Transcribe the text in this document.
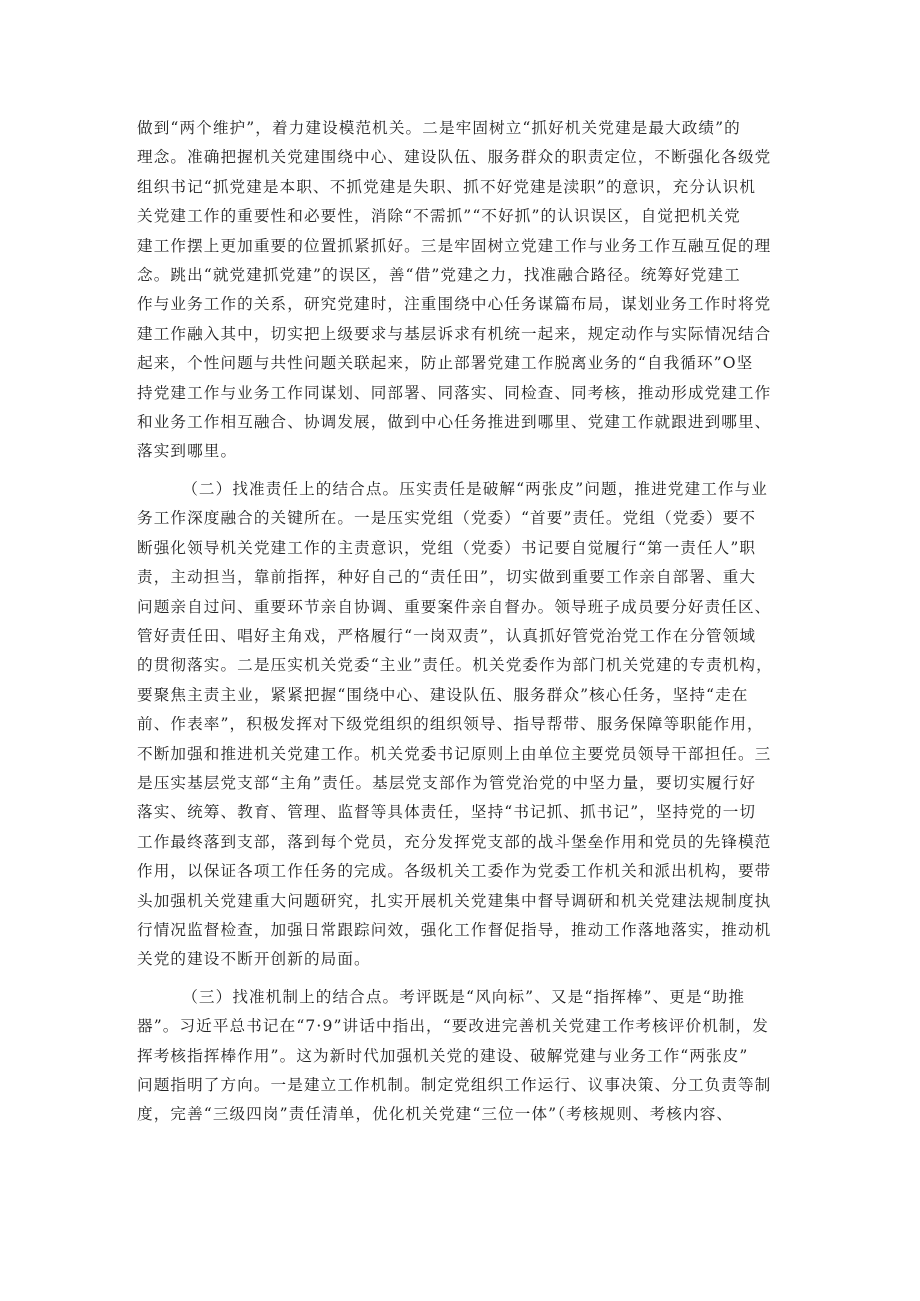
做到“两个维护”，着力建设模范机关。二是牢固树立“抓好机关党建是最大政绩”的
理念。准确把握机关党建围绕中心、建设队伍、服务群众的职责定位，不断强化各级党
组织书记“抓党建是本职、不抓党建是失职、抓不好党建是渎职”的意识，充分认识机
关党建工作的重要性和必要性，消除“不需抓”“不好抓”的认识误区，自觉把机关党
建工作摆上更加重要的位置抓紧抓好。三是牢固树立党建工作与业务工作互融互促的理
念。跳出“就党建抓党建”的误区，善“借”党建之力，找准融合路径。统筹好党建工
作与业务工作的关系，研究党建时，注重围绕中心任务谋篇布局，谋划业务工作时将党
建工作融入其中，切实把上级要求与基层诉求有机统一起来，规定动作与实际情况结合
起来，个性问题与共性问题关联起来，防止部署党建工作脱离业务的“自我循环”O坚
持党建工作与业务工作同谋划、同部署、同落实、同检查、同考核，推动形成党建工作
和业务工作相互融合、协调发展，做到中心任务推进到哪里、党建工作就跟进到哪里、
落实到哪里。
（二）找准责任上的结合点。压实责任是破解“两张皮”问题，推进党建工作与业
务工作深度融合的关键所在。一是压实党组（党委）“首要”责任。党组（党委）要不
断强化领导机关党建工作的主责意识，党组（党委）书记要自觉履行“第一责任人”职
责，主动担当，靠前指挥，种好自己的“责任田”，切实做到重要工作亲自部署、重大
问题亲自过问、重要环节亲自协调、重要案件亲自督办。领导班子成员要分好责任区、
管好责任田、唱好主角戏，严格履行“一岗双责”，认真抓好管党治党工作在分管领域
的贯彻落实。二是压实机关党委“主业”责任。机关党委作为部门机关党建的专责机构，
要聚焦主责主业，紧紧把握“围绕中心、建设队伍、服务群众”核心任务，坚持“走在
前、作表率”，积极发挥对下级党组织的组织领导、指导帮带、服务保障等职能作用，
不断加强和推进机关党建工作。机关党委书记原则上由单位主要党员领导干部担任。三
是压实基层党支部“主角”责任。基层党支部作为管党治党的中坚力量，要切实履行好
落实、统筹、教育、管理、监督等具体责任，坚持“书记抓、抓书记”，坚持党的一切
工作最终落到支部，落到每个党员，充分发挥党支部的战斗堡垒作用和党员的先锋模范
作用，以保证各项工作任务的完成。各级机关工委作为党委工作机关和派出机构，要带
头加强机关党建重大问题研究，扎实开展机关党建集中督导调研和机关党建法规制度执
行情况监督检查，加强日常跟踪问效，强化工作督促指导，推动工作落地落实，推动机
关党的建设不断开创新的局面。
（三）找准机制上的结合点。考评既是“风向标”、又是“指挥棒”、更是“助推
器”。习近平总书记在“7·9”讲话中指出，“要改进完善机关党建工作考核评价机制，发
挥考核指挥棒作用”。这为新时代加强机关党的建设、破解党建与业务工作“两张皮”
问题指明了方向。一是建立工作机制。制定党组织工作运行、议事决策、分工负责等制
度，完善“三级四岗”责任清单，优化机关党建“三位一体”（考核规则、考核内容、
